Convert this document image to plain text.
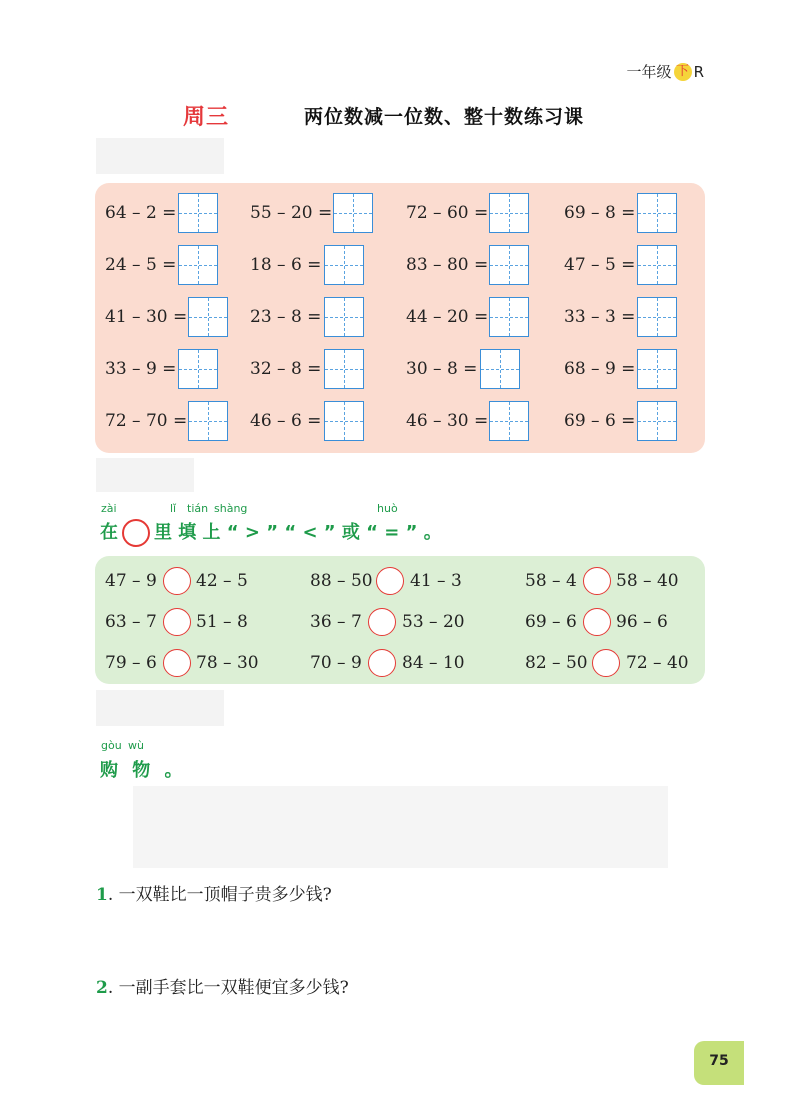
一年级 下 R
周三	两位数减一位数、整十数练习课
64 – 2 =	55 – 20 =	72 – 60 =	69 – 8 =
24 – 5 =	18 – 6 =	83 – 80 =	47 – 5 =
41 – 30 =	23 – 8 =	44 – 20 =	33 – 3 =
33 – 9 =	32 – 8 =	30 – 8 =	68 – 9 =
72 – 70 =	46 – 6 =	46 – 30 =	69 – 6 =
zài	lǐ tián shàng	huò
在 里 填 上 “ > ” “ < ” 或 “ = ” 。
47 – 9 42 – 5	88 – 50 41 – 3	58 – 4 58 – 40
63 – 7 51 – 8	36 – 7 53 – 20	69 – 6 96 – 6
79 – 6 78 – 30	70 – 9 84 – 10	82 – 50 72 – 40
gòu wù
购 物 。
1. 一双鞋比一顶帽子贵多少钱?
2. 一副手套比一双鞋便宜多少钱?
75
